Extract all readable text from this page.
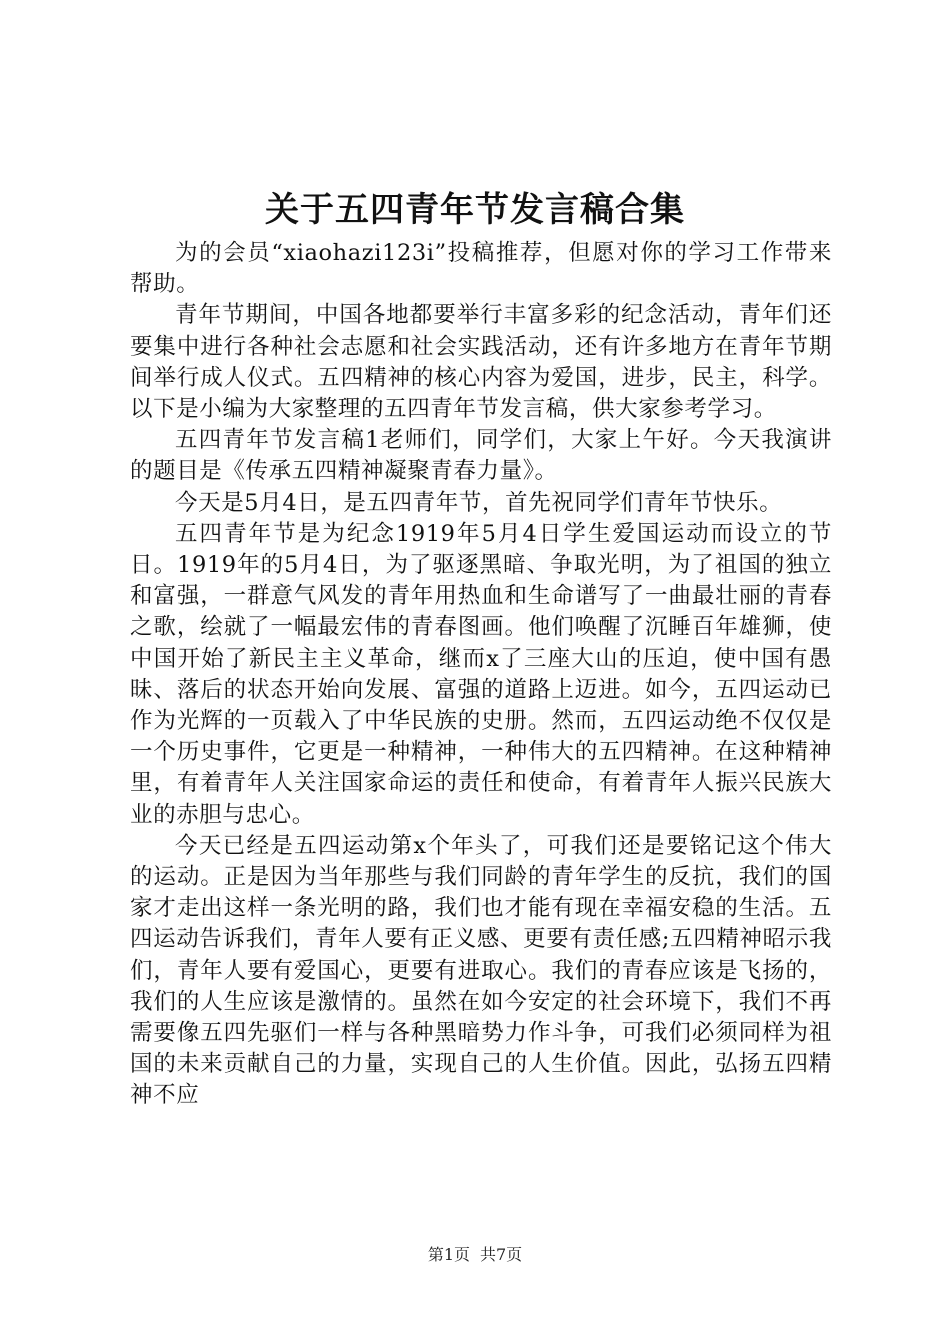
关于五四青年节发言稿合集

为的会员“xiaohazi123i”投稿推荐，但愿对你的学习工作带来帮助。

青年节期间，中国各地都要举行丰富多彩的纪念活动，青年们还要集中进行各种社会志愿和社会实践活动，还有许多地方在青年节期间举行成人仪式。五四精神的核心内容为爱国，进步，民主，科学。以下是小编为大家整理的五四青年节发言稿，供大家参考学习。

五四青年节发言稿1老师们，同学们，大家上午好。今天我演讲的题目是《传承五四精神凝聚青春力量》。

今天是5月4日，是五四青年节，首先祝同学们青年节快乐。

五四青年节是为纪念1919年5月4日学生爱国运动而设立的节日。1919年的5月4日，为了驱逐黑暗、争取光明，为了祖国的独立和富强，一群意气风发的青年用热血和生命谱写了一曲最壮丽的青春之歌，绘就了一幅最宏伟的青春图画。他们唤醒了沉睡百年雄狮，使中国开始了新民主主义革命，继而x了三座大山的压迫，使中国有愚昧、落后的状态开始向发展、富强的道路上迈进。如今，五四运动已作为光辉的一页载入了中华民族的史册。然而，五四运动绝不仅仅是一个历史事件，它更是一种精神，一种伟大的五四精神。在这种精神里，有着青年人关注国家命运的责任和使命，有着青年人振兴民族大业的赤胆与忠心。

今天已经是五四运动第x个年头了，可我们还是要铭记这个伟大的运动。正是因为当年那些与我们同龄的青年学生的反抗，我们的国家才走出这样一条光明的路，我们也才能有现在幸福安稳的生活。五四运动告诉我们，青年人要有正义感、更要有责任感;五四精神昭示我们，青年人要有爱国心，更要有进取心。我们的青春应该是飞扬的，我们的人生应该是激情的。虽然在如今安定的社会环境下，我们不再需要像五四先驱们一样与各种黑暗势力作斗争，可我们必须同样为祖国的未来贡献自己的力量，实现自己的人生价值。因此，弘扬五四精神不应

第1页 共7页
